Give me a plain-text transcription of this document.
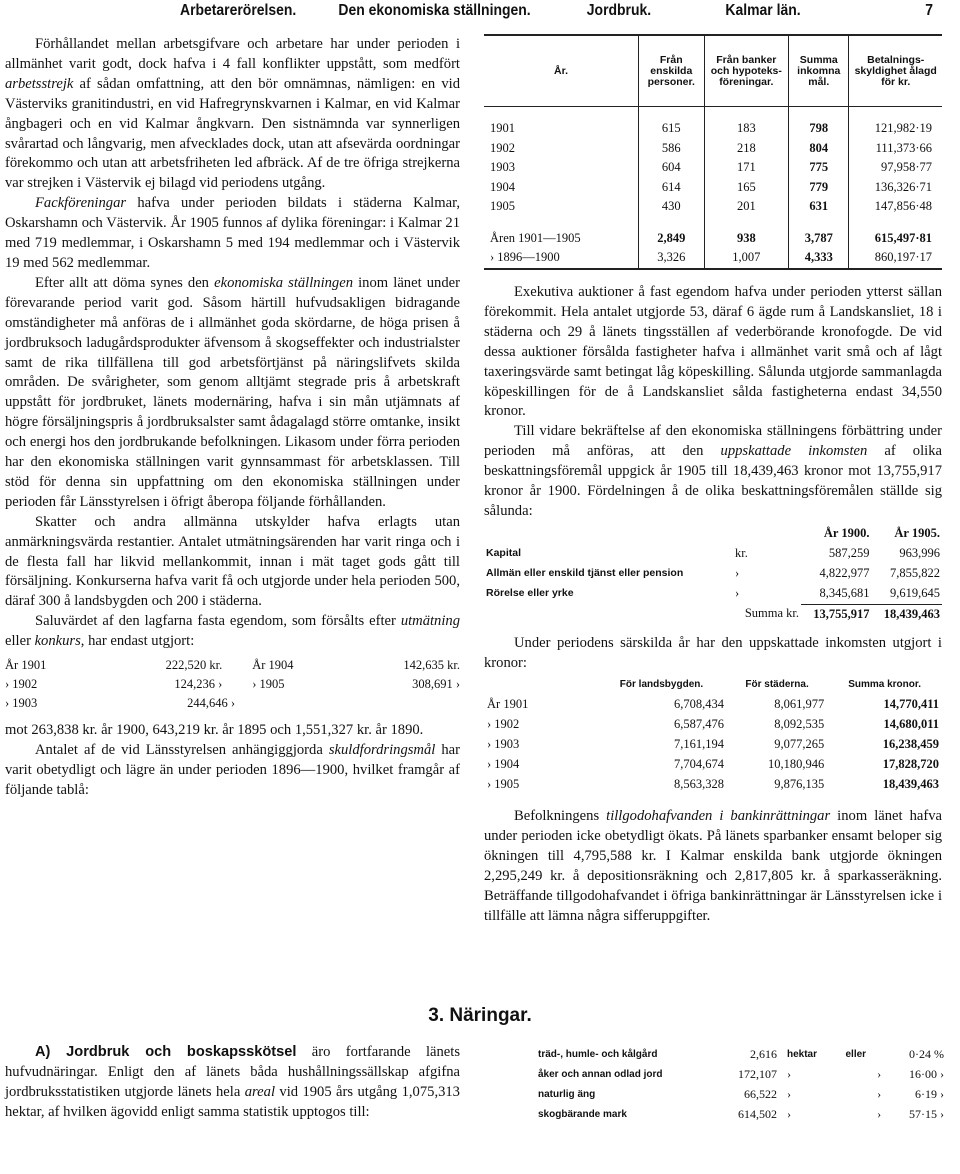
Arbetarerörelsen.	Den ekonomiska ställningen.	Jordbruk.	Kalmar län.	7

Förhållandet mellan arbetsgifvare och arbetare har under perioden i allmänhet varit godt, dock hafva i 4 fall konflikter uppstått, som medfört arbetsstrejk af sådan omfattning, att den bör omnämnas, nämligen: en vid Västerviks granitindustri, en vid Hafregrynskvarnen i Kalmar, en vid Kalmar ångbageri och en vid Kalmar ångkvarn. Den sistnämnda var synnerligen svårartad och långvarig, men afvecklades dock, utan att afsevärda oordningar förekommo och utan att arbetsfriheten led afbräck. Af de tre öfriga strejkerna var strejken i Västervik ej bilagd vid periodens utgång.

Fackföreningar hafva under perioden bildats i städerna Kalmar, Oskarshamn och Västervik. År 1905 funnos af dylika föreningar: i Kalmar 21 med 719 medlemmar, i Oskarshamn 5 med 194 medlemmar och i Västervik 19 med 562 medlemmar.

Efter allt att döma synes den ekonomiska ställningen inom länet under förevarande period varit god. Såsom härtill hufvudsakligen bidragande omständigheter må anföras de i allmänhet goda skördarne, de höga prisen å jordbruksoch ladugårdsprodukter äfvensom å skogseffekter och industrialster samt de rika tillfällena till god arbetsförtjänst på näringslifvets skilda områden. De svårigheter, som genom alltjämt stegrade pris å arbetskraft uppstått för jordbruket, länets modernäring, hafva i sin mån utjämnats af högre försäljningspris å jordbruksalster samt ådagalagd större omtanke, insikt och energi hos den jordbrukande befolkningen. Likasom under förra perioden har den ekonomiska ställningen varit gynnsammast för arbetsklassen. Till stöd för denna sin uppfattning om den ekonomiska ställningen under perioden får Länsstyrelsen i öfrigt åberopa följande förhållanden.

Skatter och andra allmänna utskylder hafva erlagts utan anmärkningsvärda restantier. Antalet utmätningsärenden har varit ringa och i de flesta fall har likvid mellankommit, innan i mät taget gods gått till försäljning. Konkurserna hafva varit få och utgjorde under hela perioden 500, däraf 300 å landsbygden och 200 i städerna.

Saluvärdet af den lagfarna fasta egendom, som försålts efter utmätning eller konkurs, har endast utgjort:

År 1901	222,520 kr.	År 1904	142,635 kr.
› 1902	124,236 ›	› 1905	308,691 ›
› 1903	244,646 ›

mot 263,838 kr. år 1900, 643,219 kr. år 1895 och 1,551,327 kr. år 1890.

Antalet af de vid Länsstyrelsen anhängiggjorda skuldfordringsmål har varit obetydligt och lägre än under perioden 1896—1900, hvilket framgår af följande tablå:

År.	Från enskilda personer.	Från banker och hypoteks-föreningar.	Summa inkomna mål.	Betalnings-skyldighet ålagd för kr.

1901	615	183	798	121,982·19
1902	586	218	804	111,373·66
1903	604	171	775	97,958·77
1904	614	165	779	136,326·71
1905	430	201	631	147,856·48

Åren 1901—1905	2,849	938	3,787	615,497·81
› 1896—1900	3,326	1,007	4,333	860,197·17

Exekutiva auktioner å fast egendom hafva under perioden ytterst sällan förekommit. Hela antalet utgjorde 53, däraf 6 ägde rum å Landskansliet, 18 i städerna och 29 å länets tingsställen af vederbörande kronofogde. De vid dessa auktioner försålda fastigheter hafva i allmänhet varit små och af lågt taxeringsvärde samt betingat låg köpeskilling. Sålunda utgjorde sammanlagda köpeskillingen för de å Landskansliet sålda fastigheterna endast 34,550 kronor.

Till vidare bekräftelse af den ekonomiska ställningens förbättring under perioden må anföras, att den uppskattade inkomsten af olika beskattningsföremål uppgick år 1905 till 18,439,463 kronor mot 13,755,917 kronor år 1900. Fördelningen å de olika beskattningsföremålen ställde sig sålunda:

		År 1900.	År 1905.
Kapital	kr.	587,259	963,996
Allmän eller enskild tjänst eller pension	›	4,822,977	7,855,822
Rörelse eller yrke	›	8,345,681	9,619,645
	Summa kr.	13,755,917	18,439,463

Under periodens särskilda år har den uppskattade inkomsten utgjort i kronor:

	För landsbygden.	För städerna.	Summa kronor.
År 1901	6,708,434	8,061,977	14,770,411
› 1902	6,587,476	8,092,535	14,680,011
› 1903	7,161,194	9,077,265	16,238,459
› 1904	7,704,674	10,180,946	17,828,720
› 1905	8,563,328	9,876,135	18,439,463

Befolkningens tillgodohafvanden i bankinrättningar inom länet hafva under perioden icke obetydligt ökats. På länets sparbanker ensamt beloper sig ökningen till 4,795,588 kr. I Kalmar enskilda bank utgjorde ökningen 2,295,249 kr. å depositionsräkning och 2,817,805 kr. å sparkasseräkning. Beträffande tillgodohafvandet i öfriga bankinrättningar är Länsstyrelsen icke i tillfälle att lämna några sifferuppgifter.

3. Näringar.

A) Jordbruk och boskapsskötsel äro fortfarande länets hufvudnäringar. Enligt den af länets båda hushållningssällskap afgifna jordbruksstatistiken utgjorde länets hela areal vid 1905 års utgång 1,075,313 hektar, af hvilken ägovidd enligt samma statistik upptogos till:

träd-, humle- och kålgård	2,616	hektar	eller	0·24 %
åker och annan odlad jord	172,107	›	›	16·00 ›
naturlig äng	66,522	›	›	6·19 ›
skogbärande mark	614,502	›	›	57·15 ›
